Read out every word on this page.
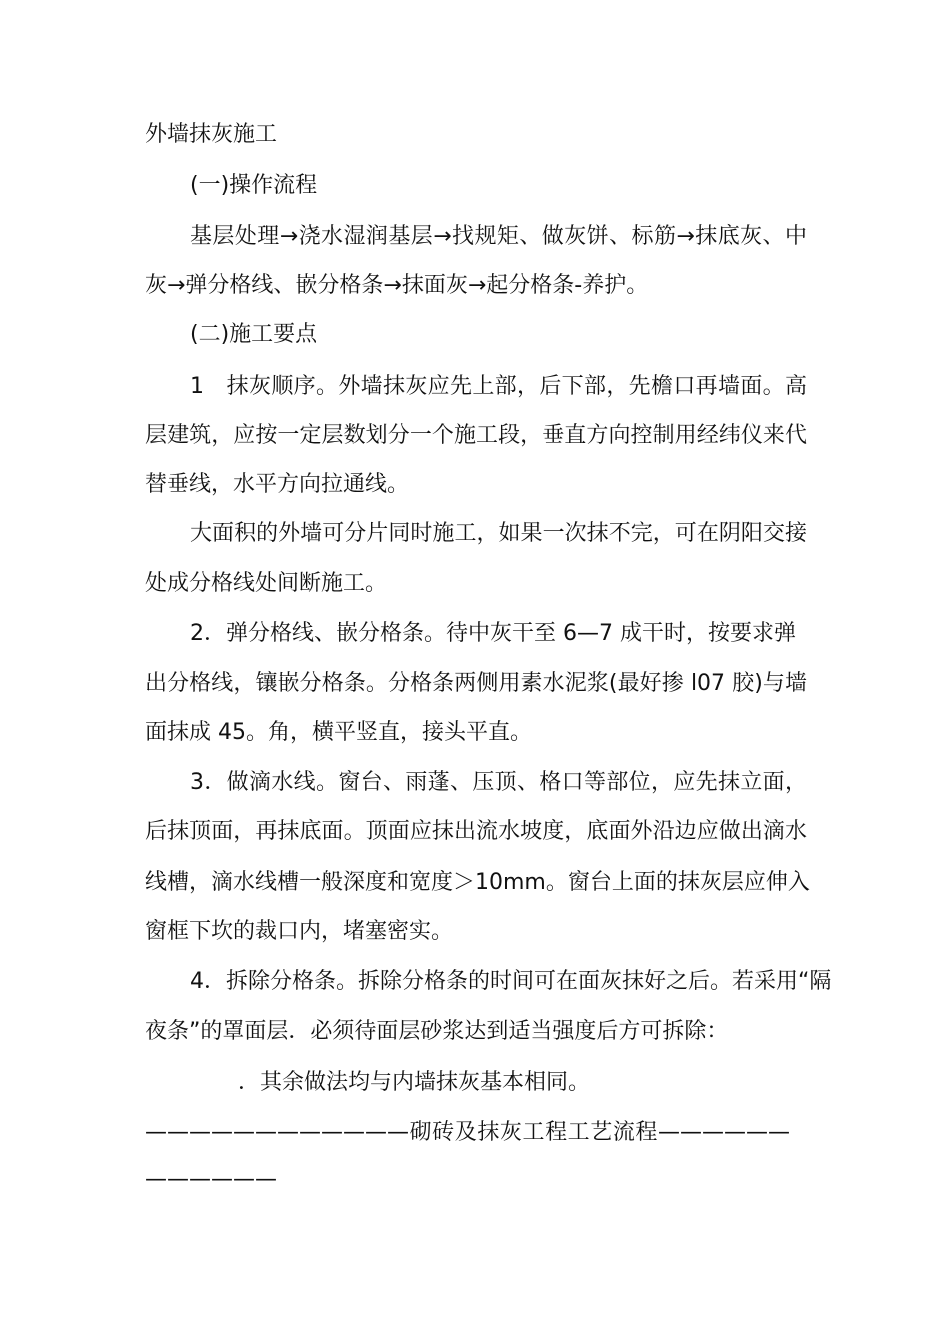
外墙抹灰施工
(一)操作流程
基层处理→浇水湿润基层→找规矩、做灰饼、标筋→抹底灰、中
灰→弹分格线、嵌分格条→抹面灰→起分格条-养护。
(二)施工要点
1　抹灰顺序。外墙抹灰应先上部，后下部，先檐口再墙面。高
层建筑，应按一定层数划分一个施工段，垂直方向控制用经纬仪来代
替垂线，水平方向拉通线。
大面积的外墙可分片同时施工，如果一次抹不完，可在阴阳交接
处成分格线处间断施工。
2．弹分格线、嵌分格条。待中灰干至 6—7 成干时，按要求弹
出分格线，镶嵌分格条。分格条两侧用素水泥浆(最好掺 l07 胶)与墙
面抹成 45。角，横平竖直，接头平直。
3．做滴水线。窗台、雨蓬、压顶、格口等部位，应先抹立面，
后抹顶面，再抹底面。顶面应抹出流水坡度，底面外沿边应做出滴水
线槽，滴水线槽一般深度和宽度＞10mm。窗台上面的抹灰层应伸入
窗框下坎的裁口内，堵塞密实。
4．拆除分格条。拆除分格条的时间可在面灰抹好之后。若采用“隔
夜条”的罩面层．必须待面层砂浆达到适当强度后方可拆除：
．其余做法均与内墙抹灰基本相同。
————————————砌砖及抹灰工程工艺流程——————
——————
